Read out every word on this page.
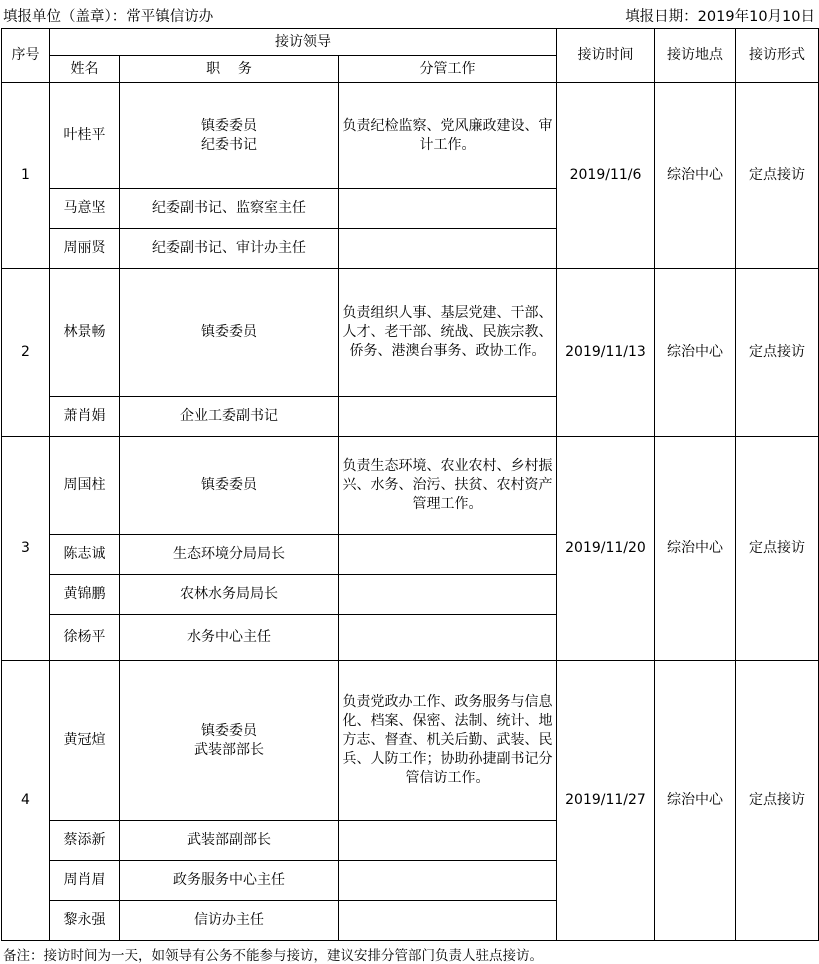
填报单位（盖章）：常平镇信访办	填报日期：2019年10月10日
序号	接访领导			接访时间	接访地点	接访形式
	姓名	职    务	分管工作			
1	叶桂平	镇委委员
纪委书记	负责纪检监察、党风廉政建设、审计工作。	2019/11/6	综治中心	定点接访
	马意坚	纪委副书记、监察室主任				

	周丽贤	纪委副书记、审计办主任				

2	林景畅	镇委委员	负责组织人事、基层党建、干部、人才、老干部、统战、民族宗教、侨务、港澳台事务、政协工作。	2019/11/13	综治中心	定点接访
	萧肖娟	企业工委副书记				

3	周国柱	镇委委员	负责生态环境、农业农村、乡村振兴、水务、治污、扶贫、农村资产管理工作。	2019/11/20	综治中心	定点接访
	陈志诚	生态环境分局局长				

	黄锦鹏	农林水务局局长				

	徐杨平	水务中心主任				

4	黄冠煊	镇委委员
武装部部长	负责党政办工作、政务服务与信息化、档案、保密、法制、统计、地方志、督查、机关后勤、武装、民兵、人防工作；协助孙捷副书记分管信访工作。	2019/11/27	综治中心	定点接访
	蔡添新	武装部副部长				

	周肖眉	政务服务中心主任				

	黎永强	信访办主任				

备注：接访时间为一天，如领导有公务不能参与接访，建议安排分管部门负责人驻点接访。
